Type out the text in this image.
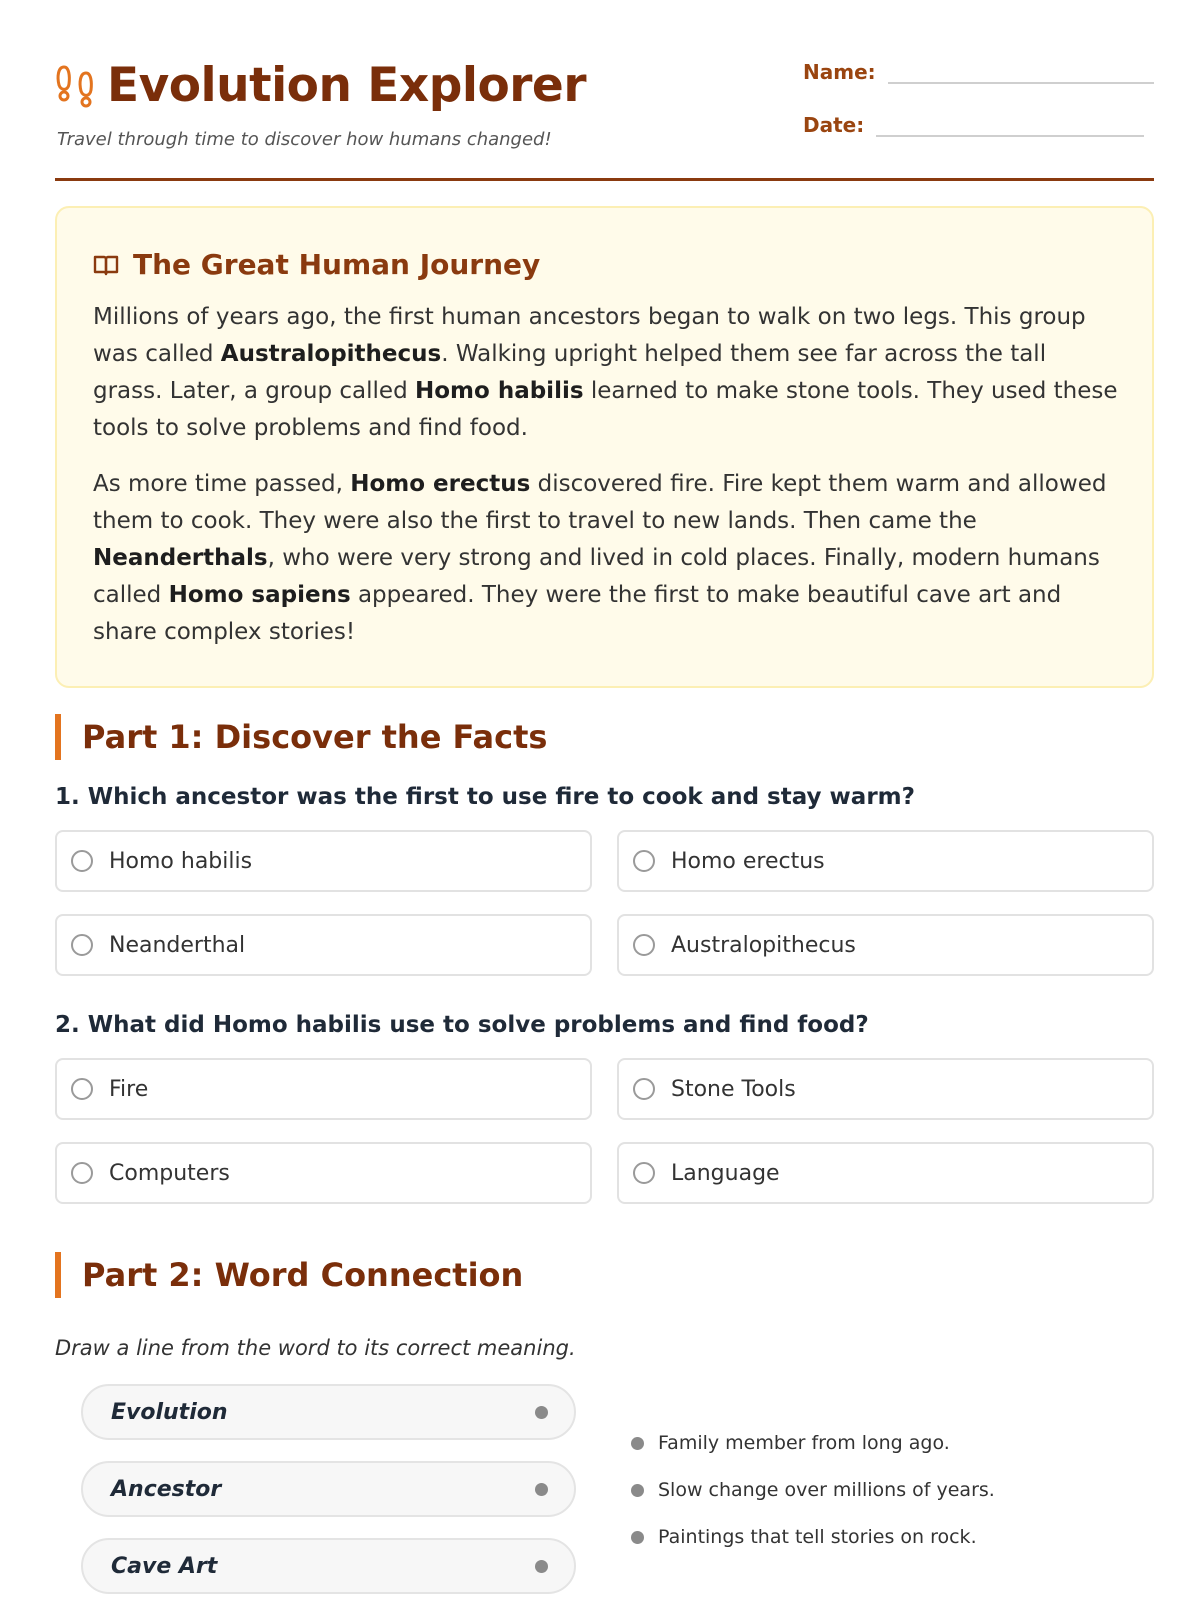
Evolution Explorer
Travel through time to discover how humans changed!
Name:
Date:
The Great Human Journey

Millions of years ago, the first human ancestors began to walk on two legs. This group was called Australopithecus. Walking upright helped them see far across the tall grass. Later, a group called Homo habilis learned to make stone tools. They used these tools to solve problems and find food.

As more time passed, Homo erectus discovered fire. Fire kept them warm and allowed them to cook. They were also the first to travel to new lands. Then came the Neanderthals, who were very strong and lived in cold places. Finally, modern humans called Homo sapiens appeared. They were the first to make beautiful cave art and share complex stories!

Part 1: Discover the Facts
1. Which ancestor was the first to use fire to cook and stay warm?
Homo habilis	Homo erectus
Neanderthal	Australopithecus
2. What did Homo habilis use to solve problems and find food?
Fire	Stone Tools
Computers	Language
Part 2: Word Connection
Draw a line from the word to its correct meaning.
Evolution
Ancestor
Cave Art
Family member from long ago.
Slow change over millions of years.
Paintings that tell stories on rock.
